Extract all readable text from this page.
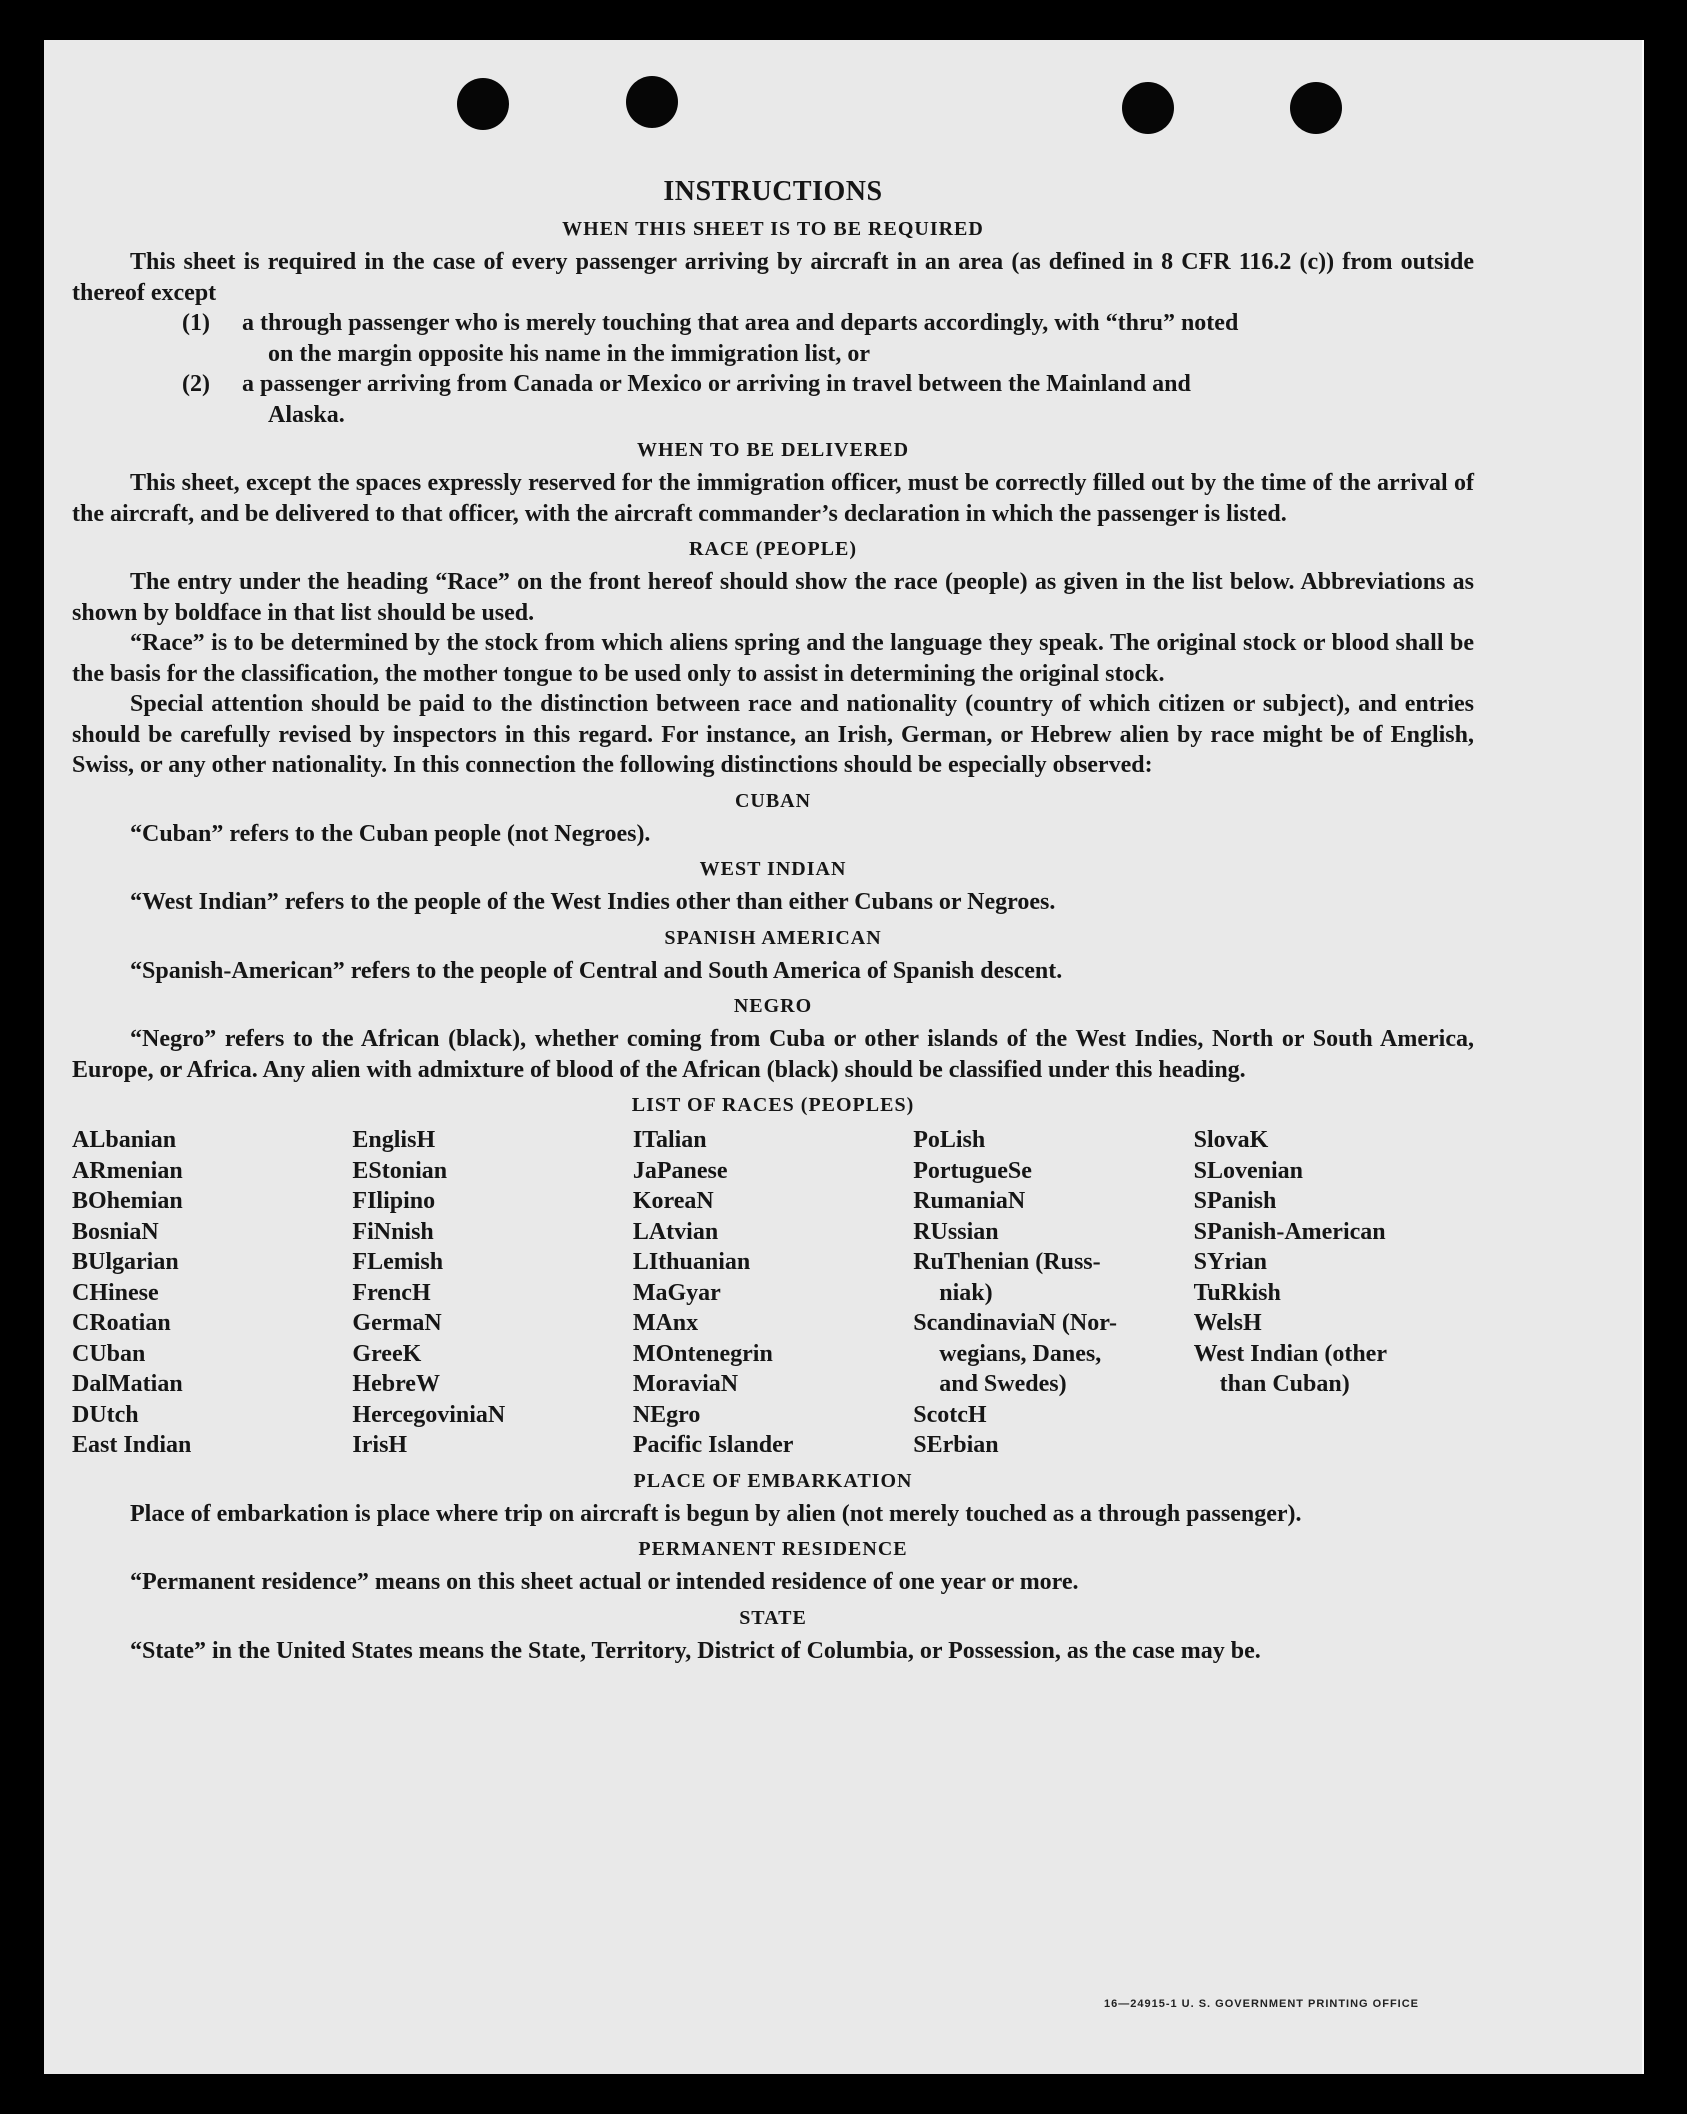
INSTRUCTIONS
WHEN THIS SHEET IS TO BE REQUIRED

This sheet is required in the case of every passenger arriving by aircraft in an area (as defined in 8 CFR 116.2 (c)) from outside thereof except

(1)	a through passenger who is merely touching that area and departs accordingly, with “thru” noted
on the margin opposite his name in the immigration list, or
(2)	a passenger arriving from Canada or Mexico or arriving in travel between the Mainland and
Alaska.
WHEN TO BE DELIVERED

This sheet, except the spaces expressly reserved for the immigration officer, must be correctly filled out by the time of the arrival of the aircraft, and be delivered to that officer, with the aircraft commander’s declaration in which the passenger is listed.

RACE (PEOPLE)

The entry under the heading “Race” on the front hereof should show the race (people) as given in the list below. Abbreviations as shown by boldface in that list should be used.

“Race” is to be determined by the stock from which aliens spring and the language they speak. The original stock or blood shall be the basis for the classification, the mother tongue to be used only to assist in determining the original stock.

Special attention should be paid to the distinction between race and nationality (country of which citizen or subject), and entries should be carefully revised by inspectors in this regard. For instance, an Irish, German, or Hebrew alien by race might be of English, Swiss, or any other nationality. In this connection the following distinctions should be especially observed:

CUBAN

“Cuban” refers to the Cuban people (not Negroes).

WEST INDIAN

“West Indian” refers to the people of the West Indies other than either Cubans or Negroes.

SPANISH AMERICAN

“Spanish-American” refers to the people of Central and South America of Spanish descent.

NEGRO

“Negro” refers to the African (black), whether coming from Cuba or other islands of the West Indies, North or South America, Europe, or Africa. Any alien with admixture of blood of the African (black) should be classified under this heading.

LIST OF RACES (PEOPLES)
ALbanian
ARmenian
BOhemian
BosniaN
BUlgarian
CHinese
CRoatian
CUban
DalMatian
DUtch
East Indian
EnglisH
EStonian
FIlipino
FiNnish
FLemish
FrencH
GermaN
GreeK
HebreW
HercegoviniaN
IrisH
ITalian
JaPanese
KoreaN
LAtvian
LIthuanian
MaGyar
MAnx
MOntenegrin
MoraviaN
NEgro
Pacific Islander
PoLish
PortugueSe
RumaniaN
RUssian
RuThenian (Russ-
niak)
ScandinaviaN (Nor-
wegians, Danes,
and Swedes)
ScotcH
SErbian
SlovaK
SLovenian
SPanish
SPanish-American
SYrian
TuRkish
WelsH
West Indian (other
than Cuban)
PLACE OF EMBARKATION

Place of embarkation is place where trip on aircraft is begun by alien (not merely touched as a through passenger).

PERMANENT RESIDENCE

“Permanent residence” means on this sheet actual or intended residence of one year or more.

STATE

“State” in the United States means the State, Territory, District of Columbia, or Possession, as the case may be.

16—24915-1 U. S. GOVERNMENT PRINTING OFFICE
